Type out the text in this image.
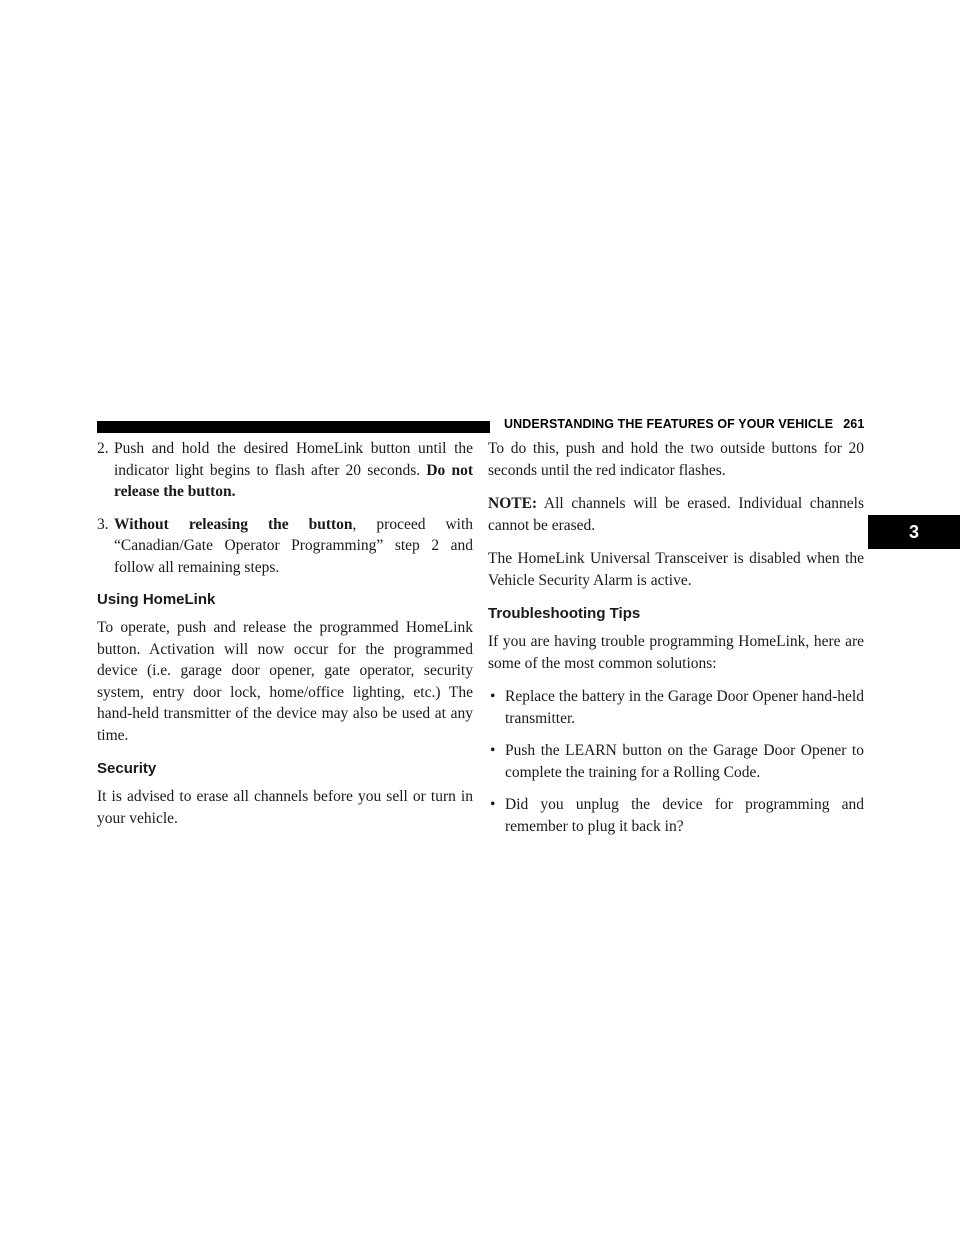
UNDERSTANDING THE FEATURES OF YOUR VEHICLE 261
3
2. Push and hold the desired HomeLink button until the indicator light begins to flash after 20 seconds. Do not release the button.
3. Without releasing the button, proceed with “Canadian/Gate Operator Programming” step 2 and follow all remaining steps.
Using HomeLink

To operate, push and release the programmed HomeLink button. Activation will now occur for the programmed device (i.e. garage door opener, gate operator, security system, entry door lock, home/office lighting, etc.) The hand-held transmitter of the device may also be used at any time.

Security

It is advised to erase all channels before you sell or turn in your vehicle.

To do this, push and hold the two outside buttons for 20 seconds until the red indicator flashes.

NOTE: All channels will be erased. Individual channels cannot be erased.

The HomeLink Universal Transceiver is disabled when the Vehicle Security Alarm is active.

Troubleshooting Tips

If you are having trouble programming HomeLink, here are some of the most common solutions:

• Replace the battery in the Garage Door Opener hand-held transmitter.
• Push the LEARN button on the Garage Door Opener to complete the training for a Rolling Code.
• Did you unplug the device for programming and remember to plug it back in?
